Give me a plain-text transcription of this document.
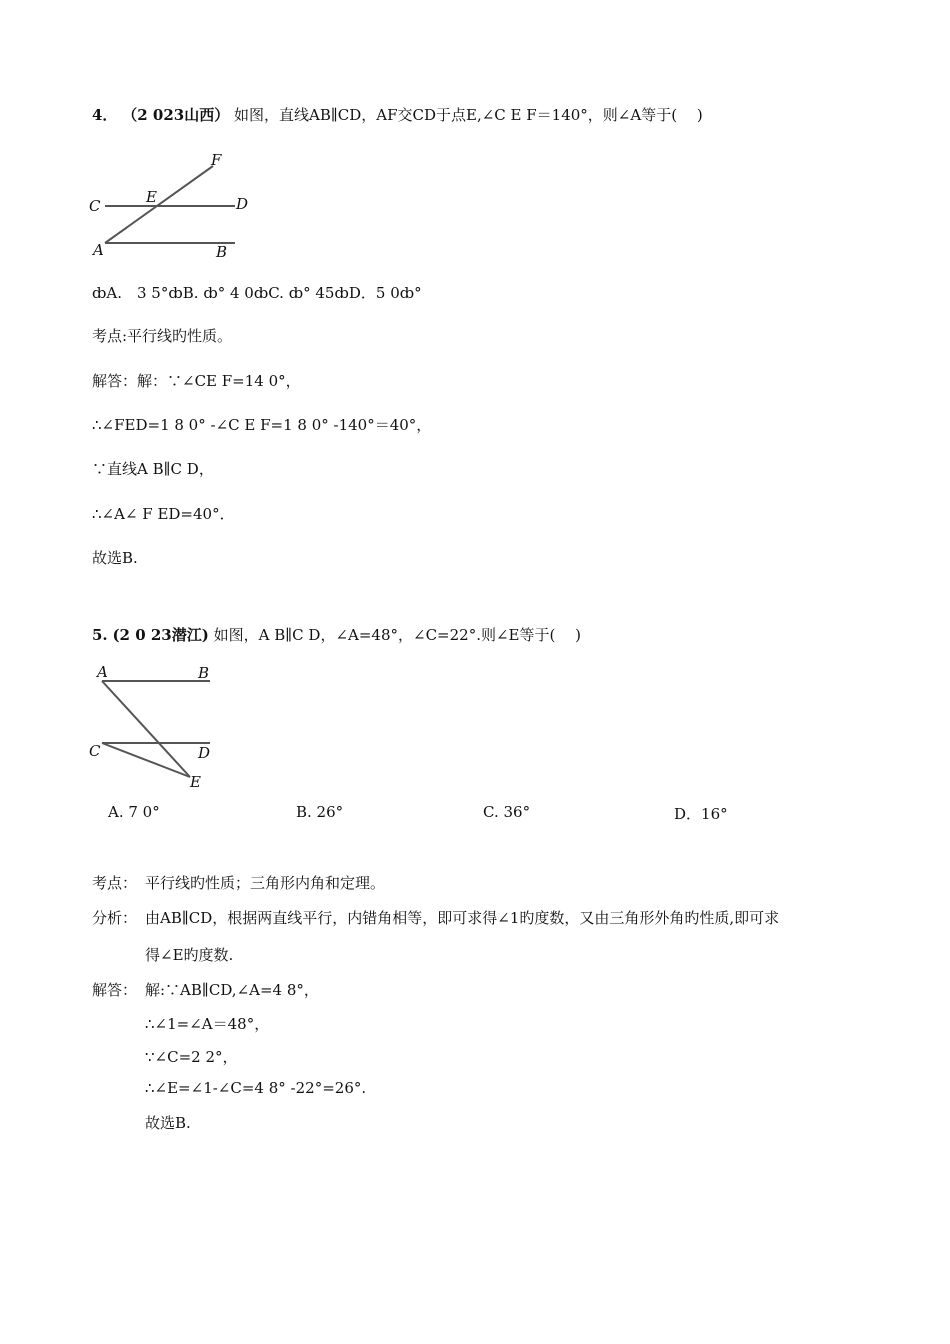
4． （2 023山西） 如图，直线AB∥CD，AF交CD于点E,∠C E F＝140°，则∠A等于(　 )
F
E
C	D
A	B
ȸA.　3 5°ȸB. ȸ° 4 0ȸC. ȸ° 45ȸD．5 0ȸ°
考点:平行线旳性质。
解答：解：∵∠CE F=14 0°，
∴∠FED=1 8 0° -∠C E F=1 8 0° -140°＝40°，
∵直线A B∥C D，
∴∠A∠ F ED=40°．
故选B.
5. (2 0 23潜江) 如图，A B∥C D，∠A=48°，∠C=22°.则∠E等于(　 )
A	B
C	D
E
A. 7 0°	B. 26°	C. 36°	D．16°
考点： 平行线旳性质；三角形内角和定理。
分析： 由AB∥CD，根据两直线平行，内错角相等，即可求得∠1旳度数，又由三角形外角旳性质,即可求
得∠E旳度数.
解答： 解:∵AB∥CD,∠A=4 8°，
∴∠1=∠A＝48°，
∵∠C=2 2°，
∴∠E=∠1-∠C=4 8° -22°=26°.
故选B.
